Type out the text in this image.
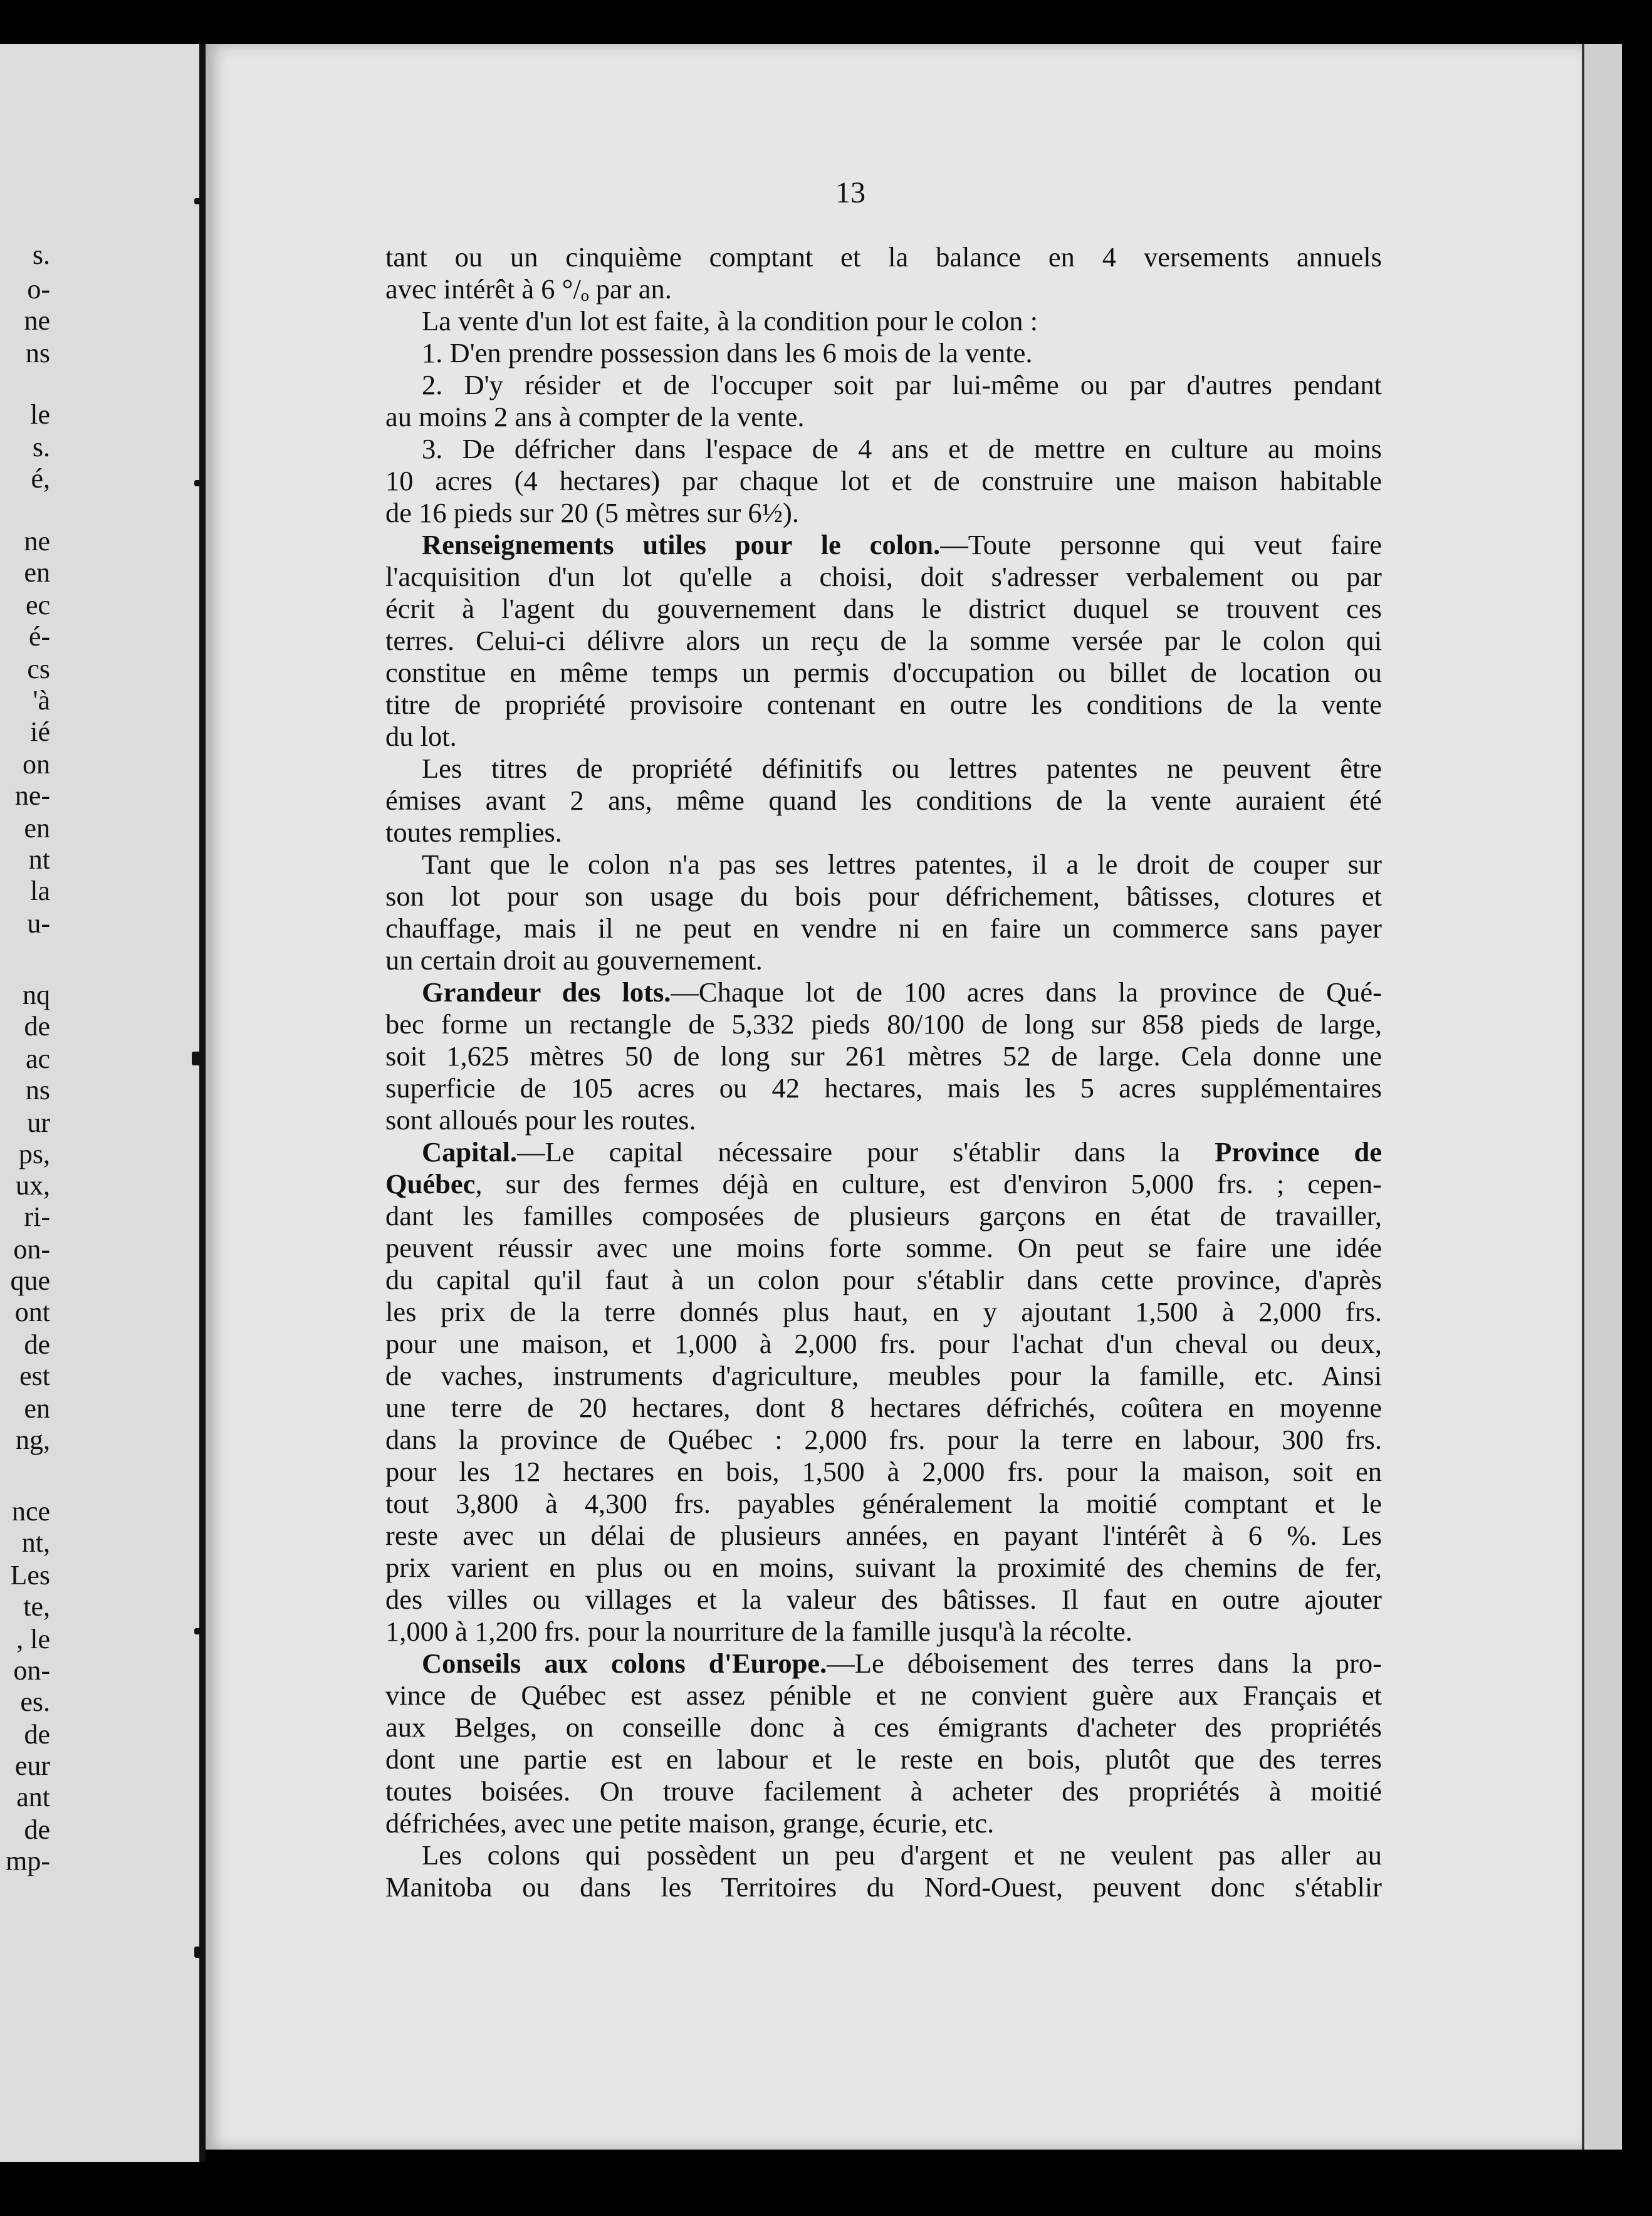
s.
o-
ne
ns
le
s.
é,
ne
en
ec
é-
cs
'à
ié
on
ne-
en
nt
la
u-
nq
de
ac
ns
ur
ps,
ux,
ri-
on-
que
ont
de
est
en
ng,
nce
nt,
Les
te,
, le
on-
es.
de
eur
ant
de
mp-
13
tant ou un cinquième comptant et la balance en 4 versements annuels
avec intérêt à 6 °/ₒ par an.
La vente d'un lot est faite, à la condition pour le colon :
1. D'en prendre possession dans les 6 mois de la vente.
2. D'y résider et de l'occuper soit par lui-même ou par d'autres pendant
au moins 2 ans à compter de la vente.
3. De défricher dans l'espace de 4 ans et de mettre en culture au moins
10 acres (4 hectares) par chaque lot et de construire une maison habitable
de 16 pieds sur 20 (5 mètres sur 6½).
Renseignements utiles pour le colon.—Toute personne qui veut faire
l'acquisition d'un lot qu'elle a choisi, doit s'adresser verbalement ou par
écrit à l'agent du gouvernement dans le district duquel se trouvent ces
terres. Celui-ci délivre alors un reçu de la somme versée par le colon qui
constitue en même temps un permis d'occupation ou billet de location ou
titre de propriété provisoire contenant en outre les conditions de la vente
du lot.
Les titres de propriété définitifs ou lettres patentes ne peuvent être
émises avant 2 ans, même quand les conditions de la vente auraient été
toutes remplies.
Tant que le colon n'a pas ses lettres patentes, il a le droit de couper sur
son lot pour son usage du bois pour défrichement, bâtisses, clotures et
chauffage, mais il ne peut en vendre ni en faire un commerce sans payer
un certain droit au gouvernement.
Grandeur des lots.—Chaque lot de 100 acres dans la province de Qué-
bec forme un rectangle de 5,332 pieds 80/100 de long sur 858 pieds de large,
soit 1,625 mètres 50 de long sur 261 mètres 52 de large. Cela donne une
superficie de 105 acres ou 42 hectares, mais les 5 acres supplémentaires
sont alloués pour les routes.
Capital.—Le capital nécessaire pour s'établir dans la Province de
Québec, sur des fermes déjà en culture, est d'environ 5,000 frs. ; cepen-
dant les familles composées de plusieurs garçons en état de travailler,
peuvent réussir avec une moins forte somme. On peut se faire une idée
du capital qu'il faut à un colon pour s'établir dans cette province, d'après
les prix de la terre donnés plus haut, en y ajoutant 1,500 à 2,000 frs.
pour une maison, et 1,000 à 2,000 frs. pour l'achat d'un cheval ou deux,
de vaches, instruments d'agriculture, meubles pour la famille, etc. Ainsi
une terre de 20 hectares, dont 8 hectares défrichés, coûtera en moyenne
dans la province de Québec : 2,000 frs. pour la terre en labour, 300 frs.
pour les 12 hectares en bois, 1,500 à 2,000 frs. pour la maison, soit en
tout 3,800 à 4,300 frs. payables généralement la moitié comptant et le
reste avec un délai de plusieurs années, en payant l'intérêt à 6 %. Les
prix varient en plus ou en moins, suivant la proximité des chemins de fer,
des villes ou villages et la valeur des bâtisses. Il faut en outre ajouter
1,000 à 1,200 frs. pour la nourriture de la famille jusqu'à la récolte.
Conseils aux colons d'Europe.—Le déboisement des terres dans la pro-
vince de Québec est assez pénible et ne convient guère aux Français et
aux Belges, on conseille donc à ces émigrants d'acheter des propriétés
dont une partie est en labour et le reste en bois, plutôt que des terres
toutes boisées. On trouve facilement à acheter des propriétés à moitié
défrichées, avec une petite maison, grange, écurie, etc.
Les colons qui possèdent un peu d'argent et ne veulent pas aller au
Manitoba ou dans les Territoires du Nord-Ouest, peuvent donc s'établir
